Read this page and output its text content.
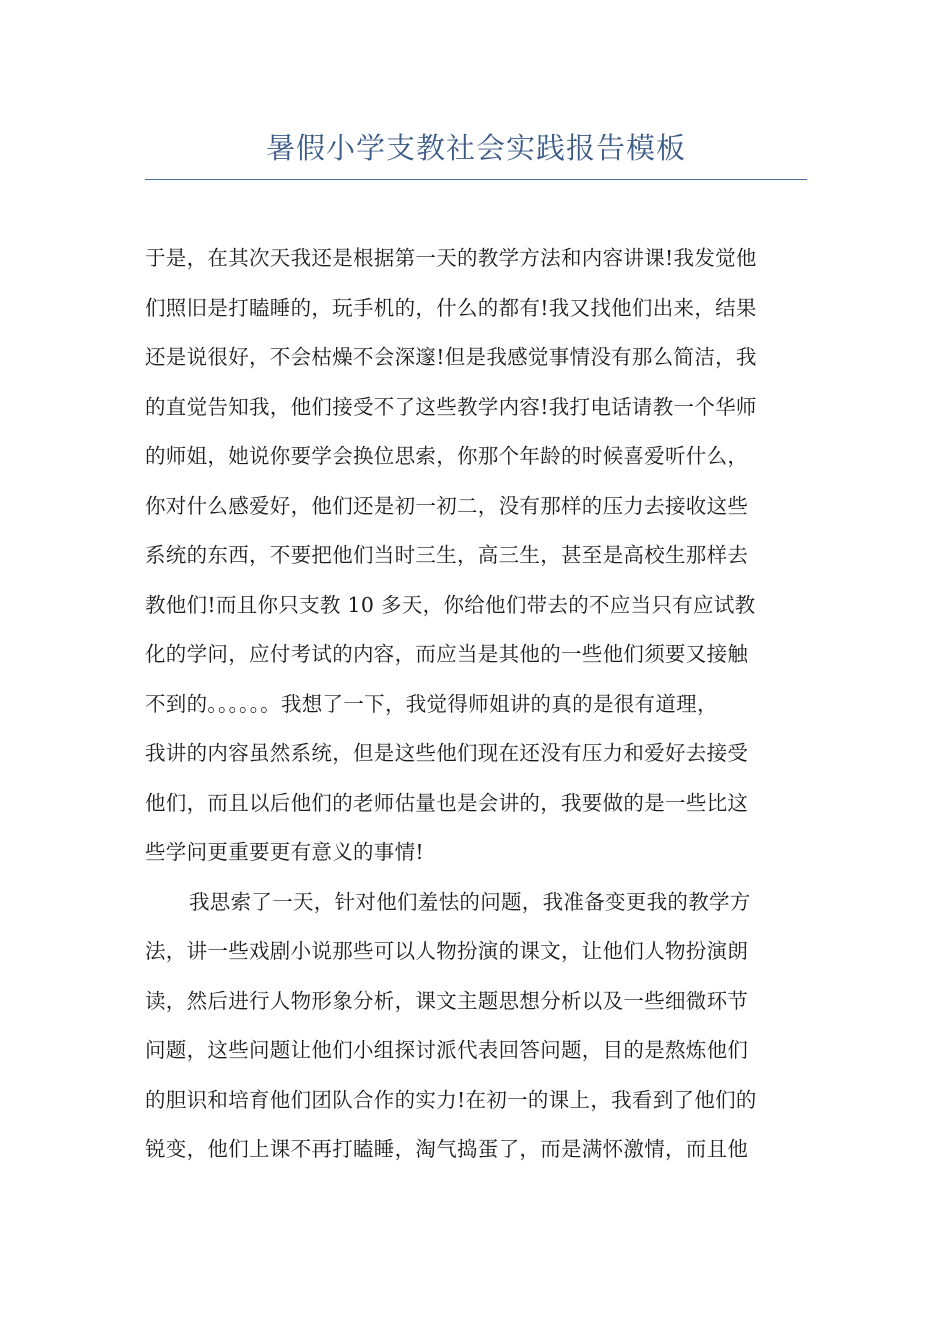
暑假小学支教社会实践报告模板
于是，在其次天我还是根据第一天的教学方法和内容讲课!我发觉他
们照旧是打瞌睡的，玩手机的，什么的都有!我又找他们出来，结果
还是说很好，不会枯燥不会深邃!但是我感觉事情没有那么简洁，我
的直觉告知我，他们接受不了这些教学内容!我打电话请教一个华师
的师姐，她说你要学会换位思索，你那个年龄的时候喜爱听什么，
你对什么感爱好，他们还是初一初二，没有那样的压力去接收这些
系统的东西，不要把他们当时三生，高三生，甚至是高校生那样去
教他们!而且你只支教 10 多天，你给他们带去的不应当只有应试教
化的学问，应付考试的内容，而应当是其他的一些他们须要又接触
不到的。。。。。。我想了一下，我觉得师姐讲的真的是很有道理，
我讲的内容虽然系统，但是这些他们现在还没有压力和爱好去接受
他们，而且以后他们的老师估量也是会讲的，我要做的是一些比这
些学问更重要更有意义的事情!
我思索了一天，针对他们羞怯的问题，我准备变更我的教学方
法，讲一些戏剧小说那些可以人物扮演的课文，让他们人物扮演朗
读，然后进行人物形象分析，课文主题思想分析以及一些细微环节
问题，这些问题让他们小组探讨派代表回答问题，目的是熬炼他们
的胆识和培育他们团队合作的实力!在初一的课上，我看到了他们的
锐变，他们上课不再打瞌睡，淘气捣蛋了，而是满怀激情，而且他
